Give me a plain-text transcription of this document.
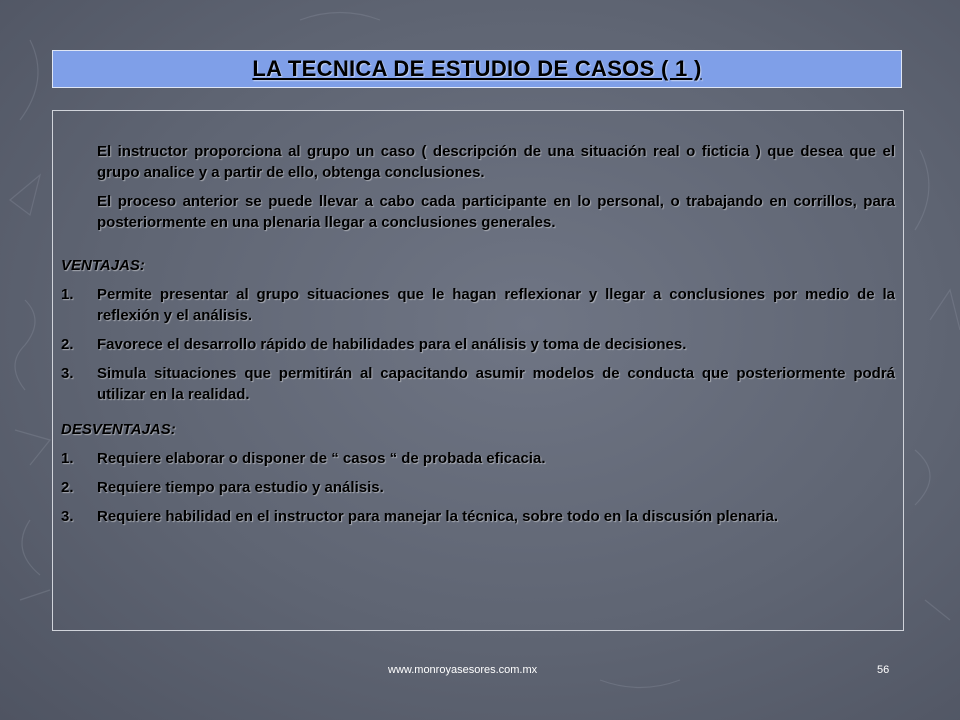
LA TECNICA DE ESTUDIO DE CASOS ( 1 )

El instructor proporciona al grupo un caso ( descripción de una situación real o ficticia ) que desea que el grupo analice y a partir de ello, obtenga conclusiones.

El proceso anterior se puede llevar a cabo cada participante en lo personal, o trabajando en corrillos, para posteriormente en una plenaria llegar a conclusiones generales.

VENTAJAS:
1.	Permite presentar al grupo situaciones que le hagan reflexionar y llegar a conclusiones por medio de la reflexión y el análisis.
2.	Favorece el desarrollo rápido de habilidades para el análisis y toma de decisiones.
3.	Simula situaciones que permitirán al capacitando asumir modelos de conducta que posteriormente podrá utilizar en la realidad.
DESVENTAJAS:
1.	Requiere elaborar o disponer de “ casos “ de probada eficacia.
2.	Requiere tiempo para estudio y análisis.
3.	Requiere habilidad en el instructor para manejar la técnica, sobre todo en la discusión plenaria.
www.monroyasesores.com.mx	56
